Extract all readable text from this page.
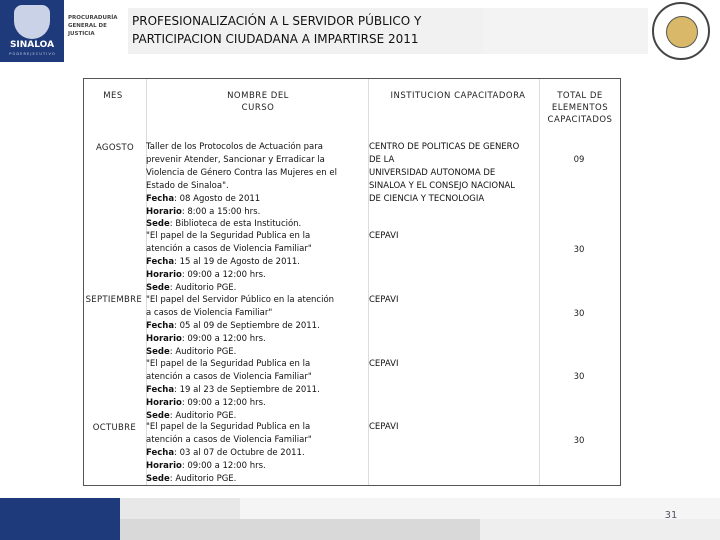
SINALOA
P O D E R E J E C U T I V O
PROCURADURÍA
GENERAL DE
JUSTICIA
PROFESIONALIZACIÓN A L SERVIDOR PÚBLICO Y
PARTICIPACION CIUDADANA A IMPARTIRSE 2011
MES	NOMBRE DEL
CURSO
INSTITUCION CAPACITADORA	TOTAL DE
ELEMENTOS
CAPACITADOS
AGOSTO
SEPTIEMBRE
OCTUBRE
Taller de los Protocolos de Actuación para
prevenir Atender, Sancionar y Erradicar la
Violencia de Género Contra las Mujeres en el
Estado de Sinaloa".
Fecha: 08 Agosto de 2011
Horario: 8:00 a 15:00 hrs.
Sede: Biblioteca de esta Institución.
CENTRO DE POLITICAS DE GENERO
DE LA
UNIVERSIDAD AUTONOMA DE
SINALOA Y EL CONSEJO NACIONAL
DE CIENCIA Y TECNOLOGIA
09
"El papel de la Seguridad Publica en la
atención a casos de Violencia Familiar"
Fecha: 15 al 19 de Agosto de 2011.
Horario: 09:00 a 12:00 hrs.
Sede: Auditorio PGE.
CEPAVI
30
"El papel del Servidor Público en la atención
a casos de Violencia Familiar"
Fecha: 05 al 09 de Septiembre de 2011.
Horario: 09:00 a 12:00 hrs.
Sede: Auditorio PGE.
CEPAVI
30
"El papel de la Seguridad Publica en la
atención a casos de Violencia Familiar"
Fecha: 19 al 23 de Septiembre de 2011.
Horario: 09:00 a 12:00 hrs.
Sede: Auditorio PGE.
CEPAVI
30
"El papel de la Seguridad Publica en la
atención a casos de Violencia Familiar"
Fecha: 03 al 07 de Octubre de 2011.
Horario: 09:00 a 12:00 hrs.
Sede: Auditorio PGE.
CEPAVI
30
31
